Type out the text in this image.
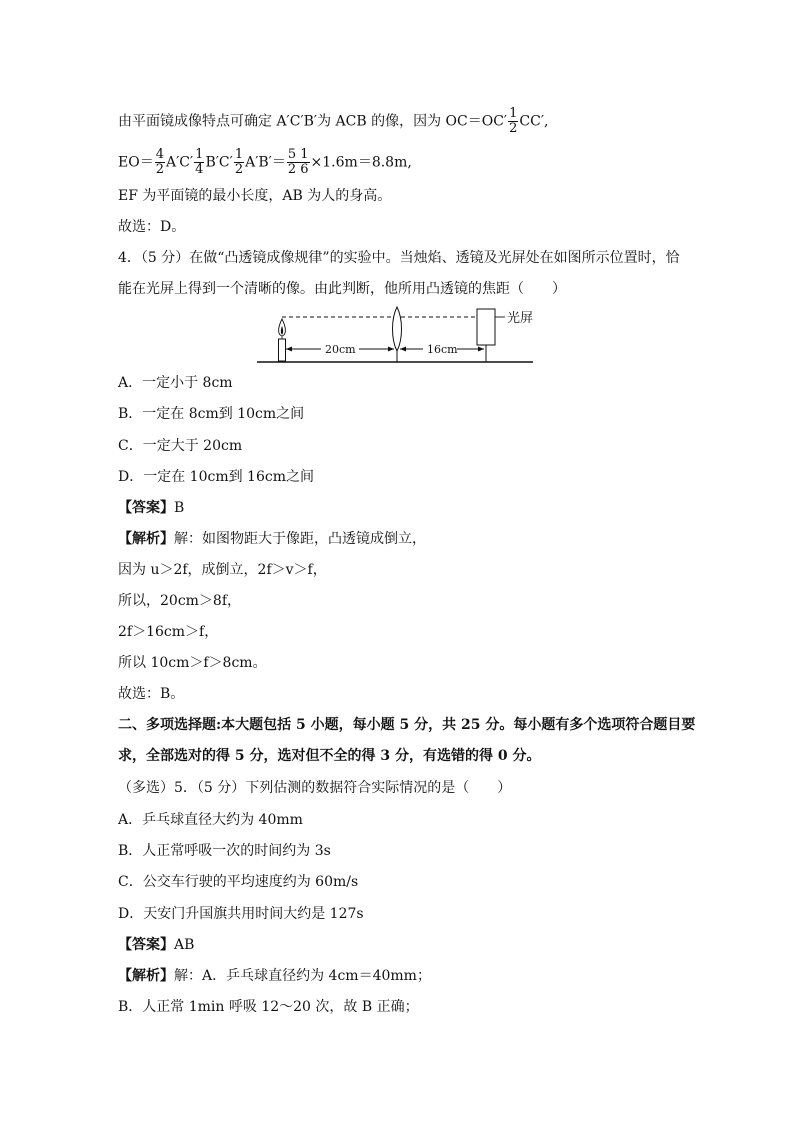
由平面镜成像特点可确定 A′C′B′为 ACB 的像，因为 $OC=OC' \frac{1}{2} CC'$,
$EO= \frac{4}{2} A'C' \frac{1}{4} B'C' \frac{1}{2} A'B'= \frac{5 1}{2 6} \times 1.6m=8.8m$,
EF 为平面镜的最小长度，AB 为人的身高。
故选：D。
4．（5 分）在做“凸透镜成像规律”的实验中。当烛焰、透镜及光屏处在如图所示位置时，恰
能在光屏上得到一个清晰的像。由此判断，他所用凸透镜的焦距（　　）
光屏
20cm	16cm
A．一定小于 8cm
B．一定在 8cm到 10cm之间
C．一定大于 20cm
D．一定在 10cm到 16cm之间
【答案】B
【解析】解：如图物距大于像距，凸透镜成倒立，
因为 u＞2f，成倒立，2f＞v＞f，
所以，20cm＞8f，
2f＞16cm＞f，
所以 10cm＞f＞8cm。
故选：B。
二、多项选择题:本大题包括 5 小题，每小题 5 分，共 25 分。每小题有多个选项符合题目要
求，全部选对的得 5 分，选对但不全的得 3 分，有选错的得 0 分。
（多选）5．（5 分）下列估测的数据符合实际情况的是（　　）
A．乒乓球直径大约为 40mm
B．人正常呼吸一次的时间约为 3s
C．公交车行驶的平均速度约为 60m/s
D．天安门升国旗共用时间大约是 127s
【答案】AB
【解析】解：A．乒乓球直径约为 4cm＝40mm；
B．人正常 1min 呼吸 12～20 次，故 B 正确；
